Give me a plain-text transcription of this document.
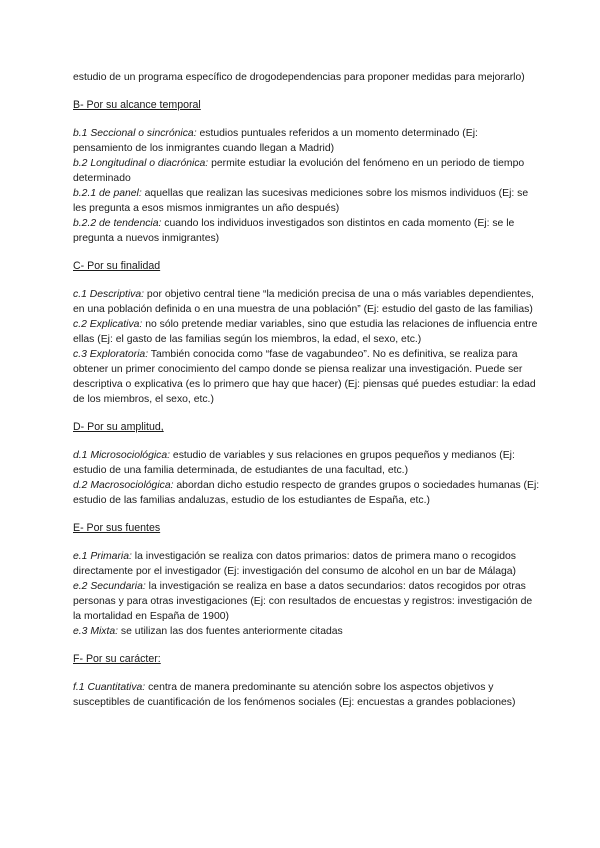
estudio de un programa específico de drogodependencias para proponer medidas para mejorarlo)

B- Por su alcance temporal

b.1 Seccional o sincrónica: estudios puntuales referidos a un momento determinado (Ej: pensamiento de los inmigrantes cuando llegan a Madrid)

b.2 Longitudinal o diacrónica: permite estudiar la evolución del fenómeno en un periodo de tiempo determinado

b.2.1 de panel: aquellas que realizan las sucesivas mediciones sobre los mismos individuos (Ej: se les pregunta a esos mismos inmigrantes un año después)

b.2.2 de tendencia: cuando los individuos investigados son distintos en cada momento (Ej: se le pregunta a nuevos inmigrantes)

C- Por su finalidad

c.1 Descriptiva: por objetivo central tiene “la medición precisa de una o más variables dependientes, en una población definida o en una muestra de una población” (Ej: estudio del gasto de las familias)

c.2 Explicativa: no sólo pretende mediar variables, sino que estudia las relaciones de influencia entre ellas (Ej: el gasto de las familias según los miembros, la edad, el sexo, etc.)

c.3 Exploratoria: También conocida como “fase de vagabundeo”. No es definitiva, se realiza para obtener un primer conocimiento del campo donde se piensa realizar una investigación. Puede ser descriptiva o explicativa (es lo primero que hay que hacer) (Ej: piensas qué puedes estudiar: la edad de los miembros, el sexo, etc.)

D- Por su amplitud,

d.1 Microsociológica: estudio de variables y sus relaciones en grupos pequeños y medianos (Ej: estudio de una familia determinada, de estudiantes de una facultad, etc.)

d.2 Macrosociológica: abordan dicho estudio respecto de grandes grupos o sociedades humanas (Ej: estudio de las familias andaluzas, estudio de los estudiantes de España, etc.)

E- Por sus fuentes

e.1 Primaria: la investigación se realiza con datos primarios: datos de primera mano o recogidos directamente por el investigador (Ej: investigación del consumo de alcohol en un bar de Málaga)

e.2 Secundaria: la investigación se realiza en base a datos secundarios: datos recogidos por otras personas y para otras investigaciones (Ej: con resultados de encuestas y registros: investigación de la mortalidad en España de 1900)

e.3 Mixta: se utilizan las dos fuentes anteriormente citadas

F- Por su carácter:

f.1 Cuantitativa: centra de manera predominante su atención sobre los aspectos objetivos y susceptibles de cuantificación de los fenómenos sociales (Ej: encuestas a grandes poblaciones)
